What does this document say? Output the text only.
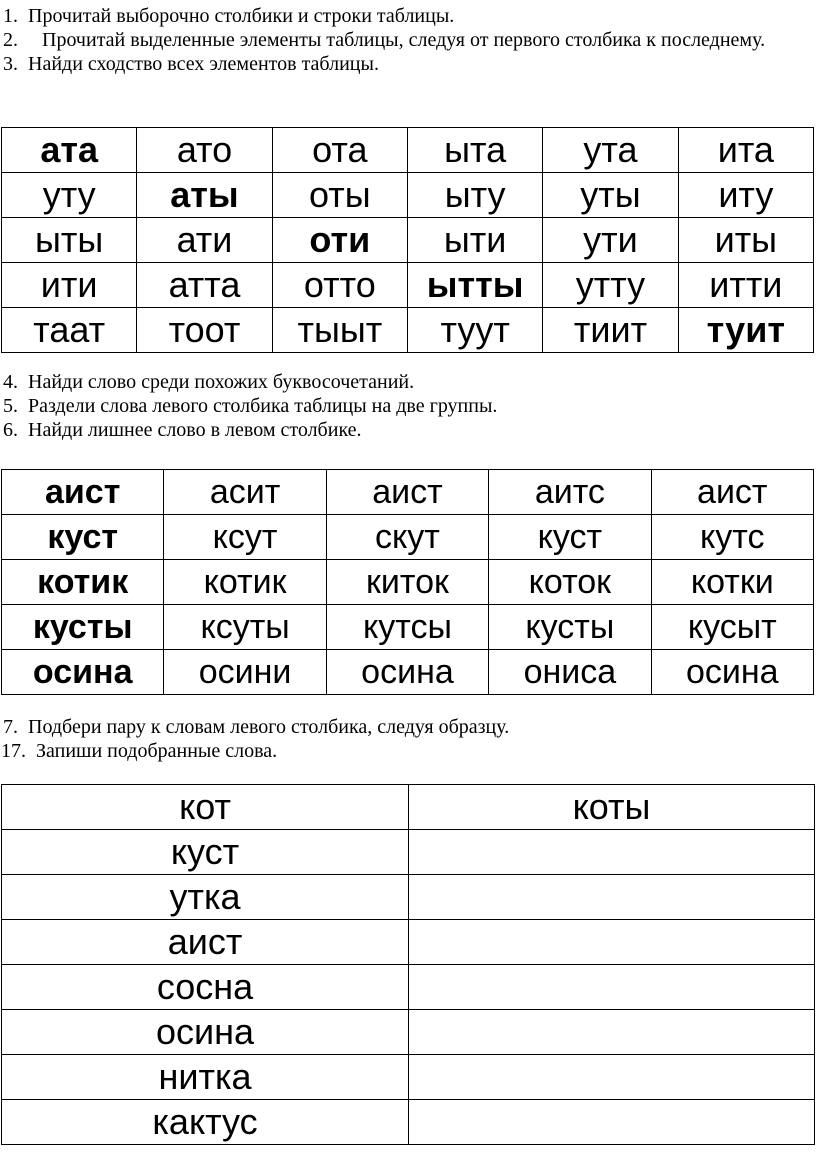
1. Прочитай выборочно столбики и строки таблицы.
2. Прочитай выделенные элементы таблицы, следуя от первого столбика к последнему.
3. Найди сходство всех элементов таблицы.
ата	ато	ота	ыта	ута	ита
уту	аты	оты	ыту	уты	иту
ыты	ати	оти	ыти	ути	иты
ити	атта	отто	ытты	утту	итти
таат	тоот	тыыт	туут	тиит	туит
4. Найди слово среди похожих буквосочетаний.
5. Раздели слова левого столбика таблицы на две группы.
6. Найди лишнее слово в левом столбике.
аист	асит	аист	аитс	аист
куст	ксут	скут	куст	кутс
котик	котик	киток	коток	котки
кусты	ксуты	кутсы	кусты	кусыт
осина	осини	осина	ониса	осина
7. Подбери пару к словам левого столбика, следуя образцу.
17. Запиши подобранные слова.
кот	коты
куст	
утка	
аист	
сосна	
осина	
нитка	
кактус	
